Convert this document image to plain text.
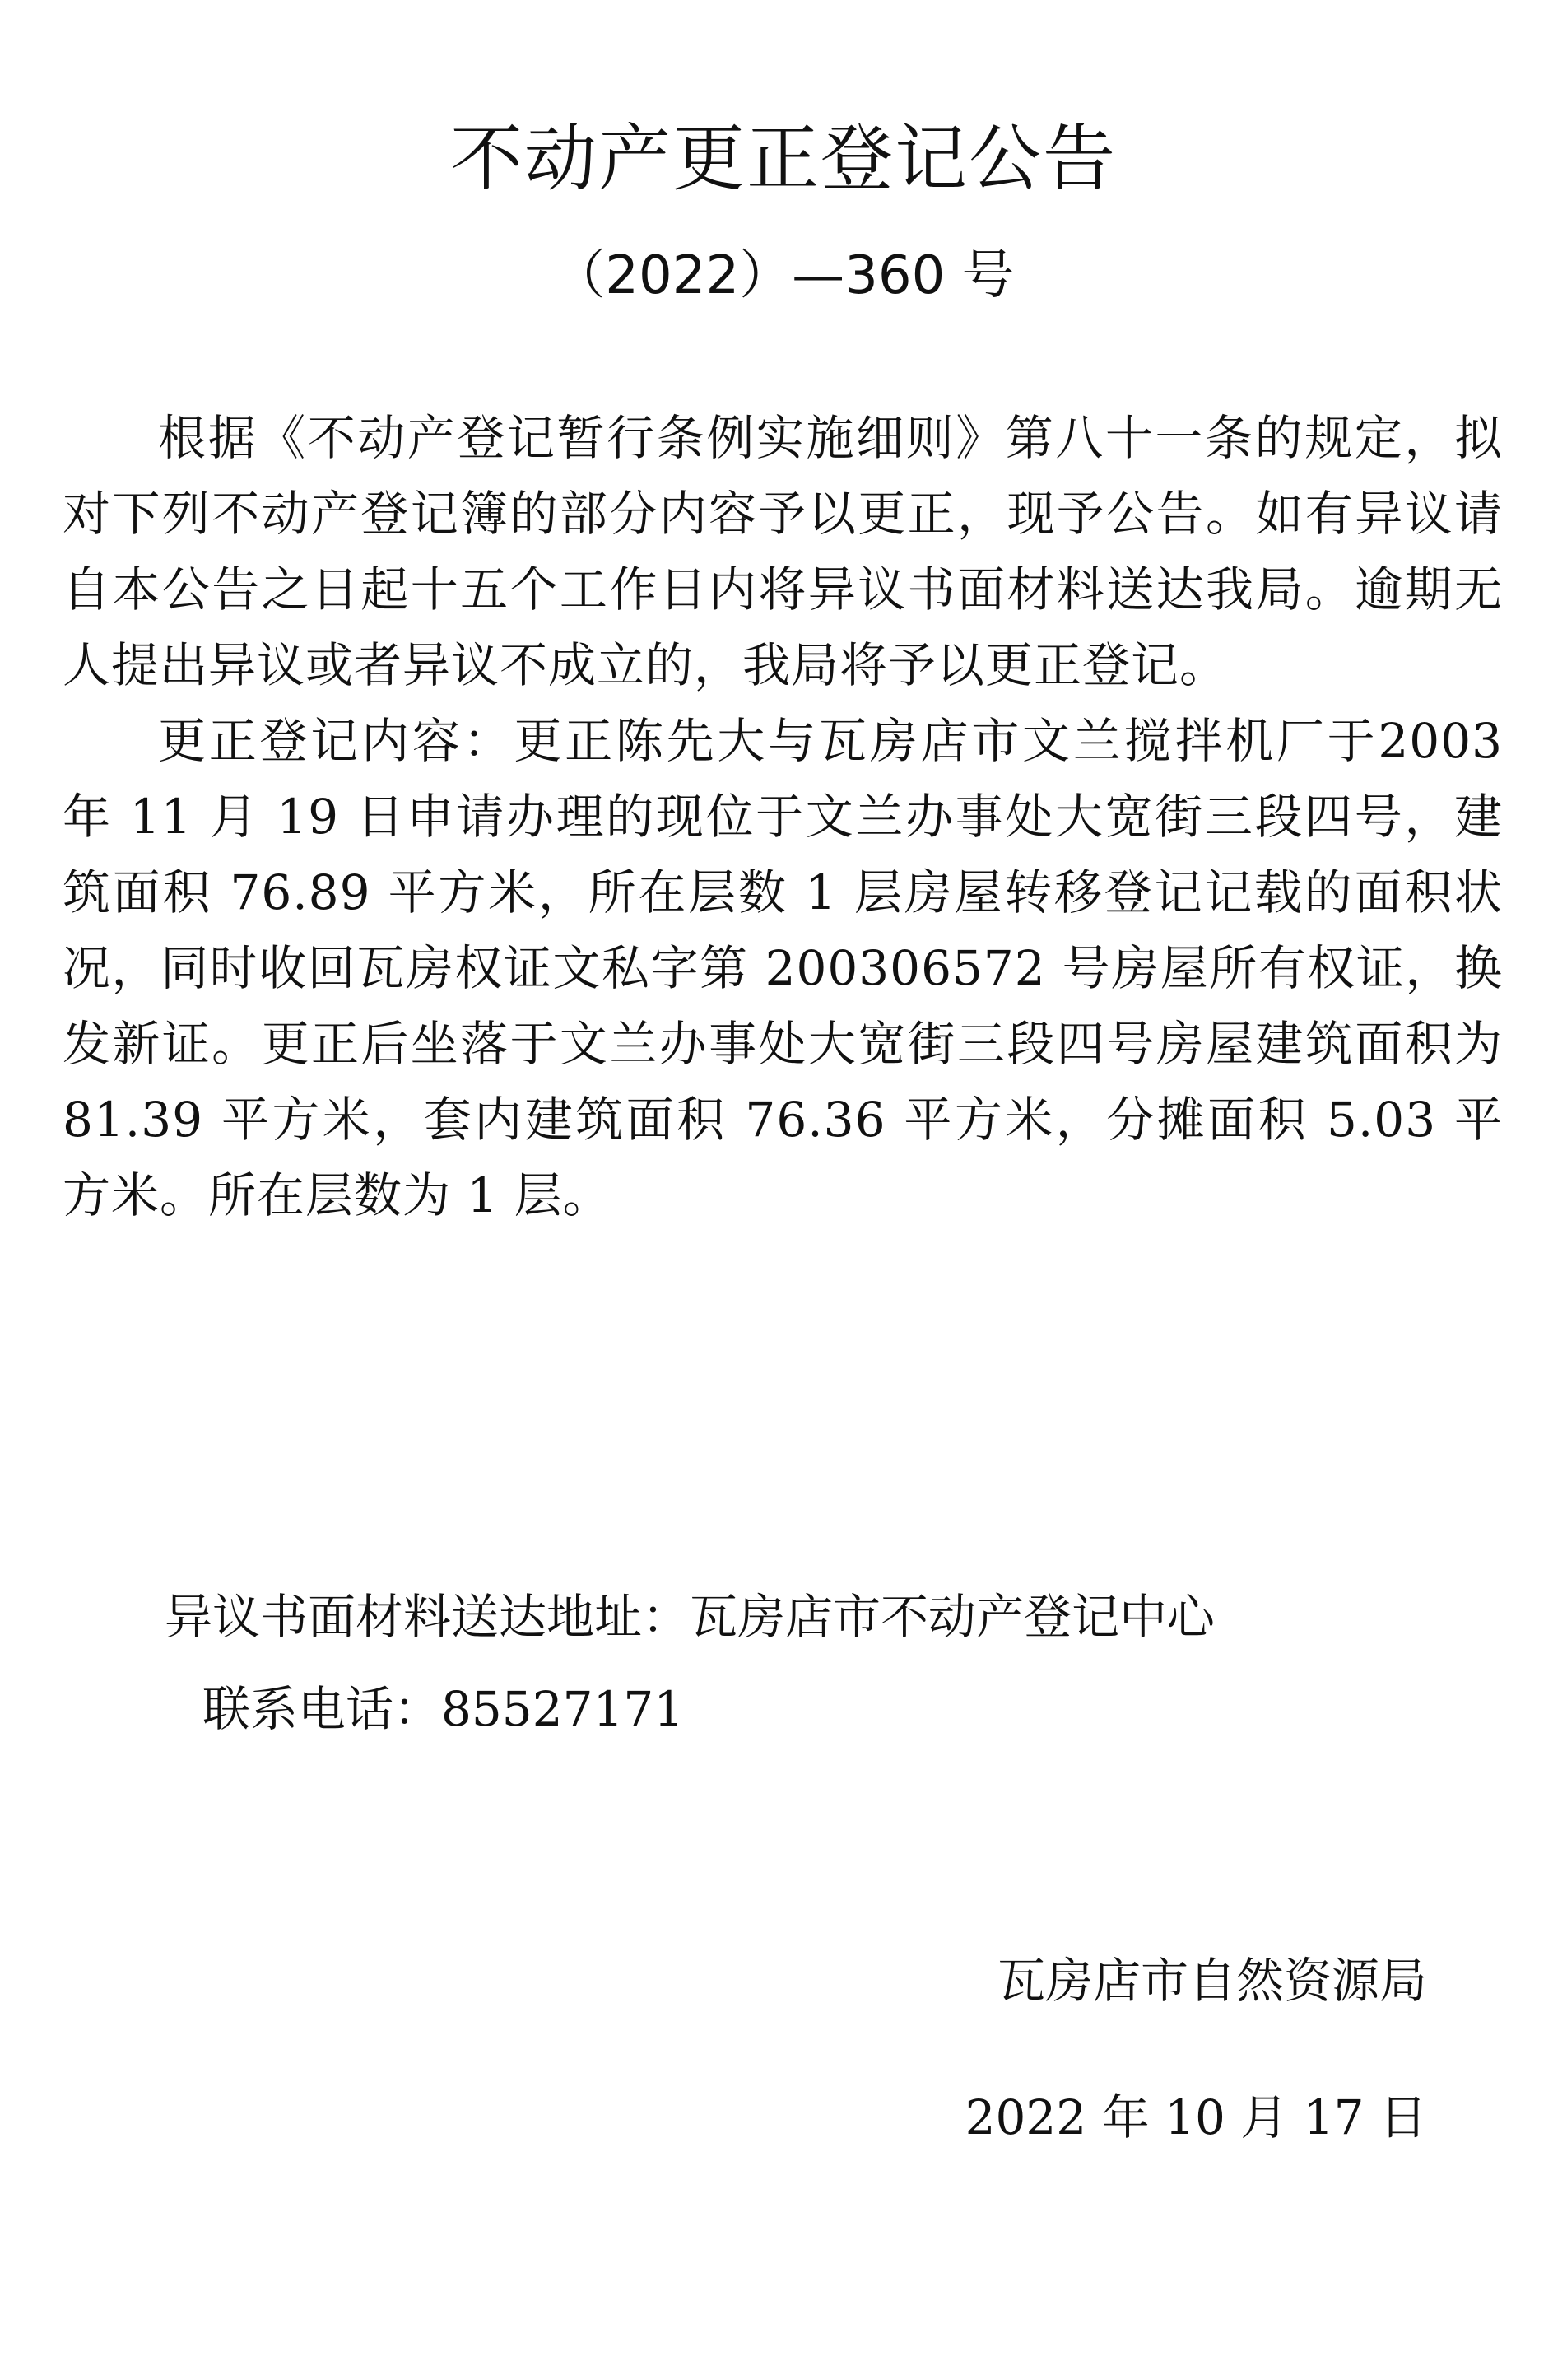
不动产更正登记公告
（2022）—360 号

根据《不动产登记暂行条例实施细则》第八十一条的规定，拟对下列不动产登记簿的部分内容予以更正，现予公告。如有异议请自本公告之日起十五个工作日内将异议书面材料送达我局。逾期无人提出异议或者异议不成立的，我局将予以更正登记。

更正登记内容：更正陈先大与瓦房店市文兰搅拌机厂于2003 年 11 月 19 日申请办理的现位于文兰办事处大宽街三段四号，建筑面积 76.89 平方米，所在层数 1 层房屋转移登记记载的面积状况，同时收回瓦房权证文私字第 200306572 号房屋所有权证，换发新证。更正后坐落于文兰办事处大宽街三段四号房屋建筑面积为81.39 平方米，套内建筑面积 76.36 平方米，分摊面积 5.03 平方米。所在层数为 1 层。

异议书面材料送达地址：瓦房店市不动产登记中心
联系电话：85527171
瓦房店市自然资源局
2022 年 10 月 17 日
